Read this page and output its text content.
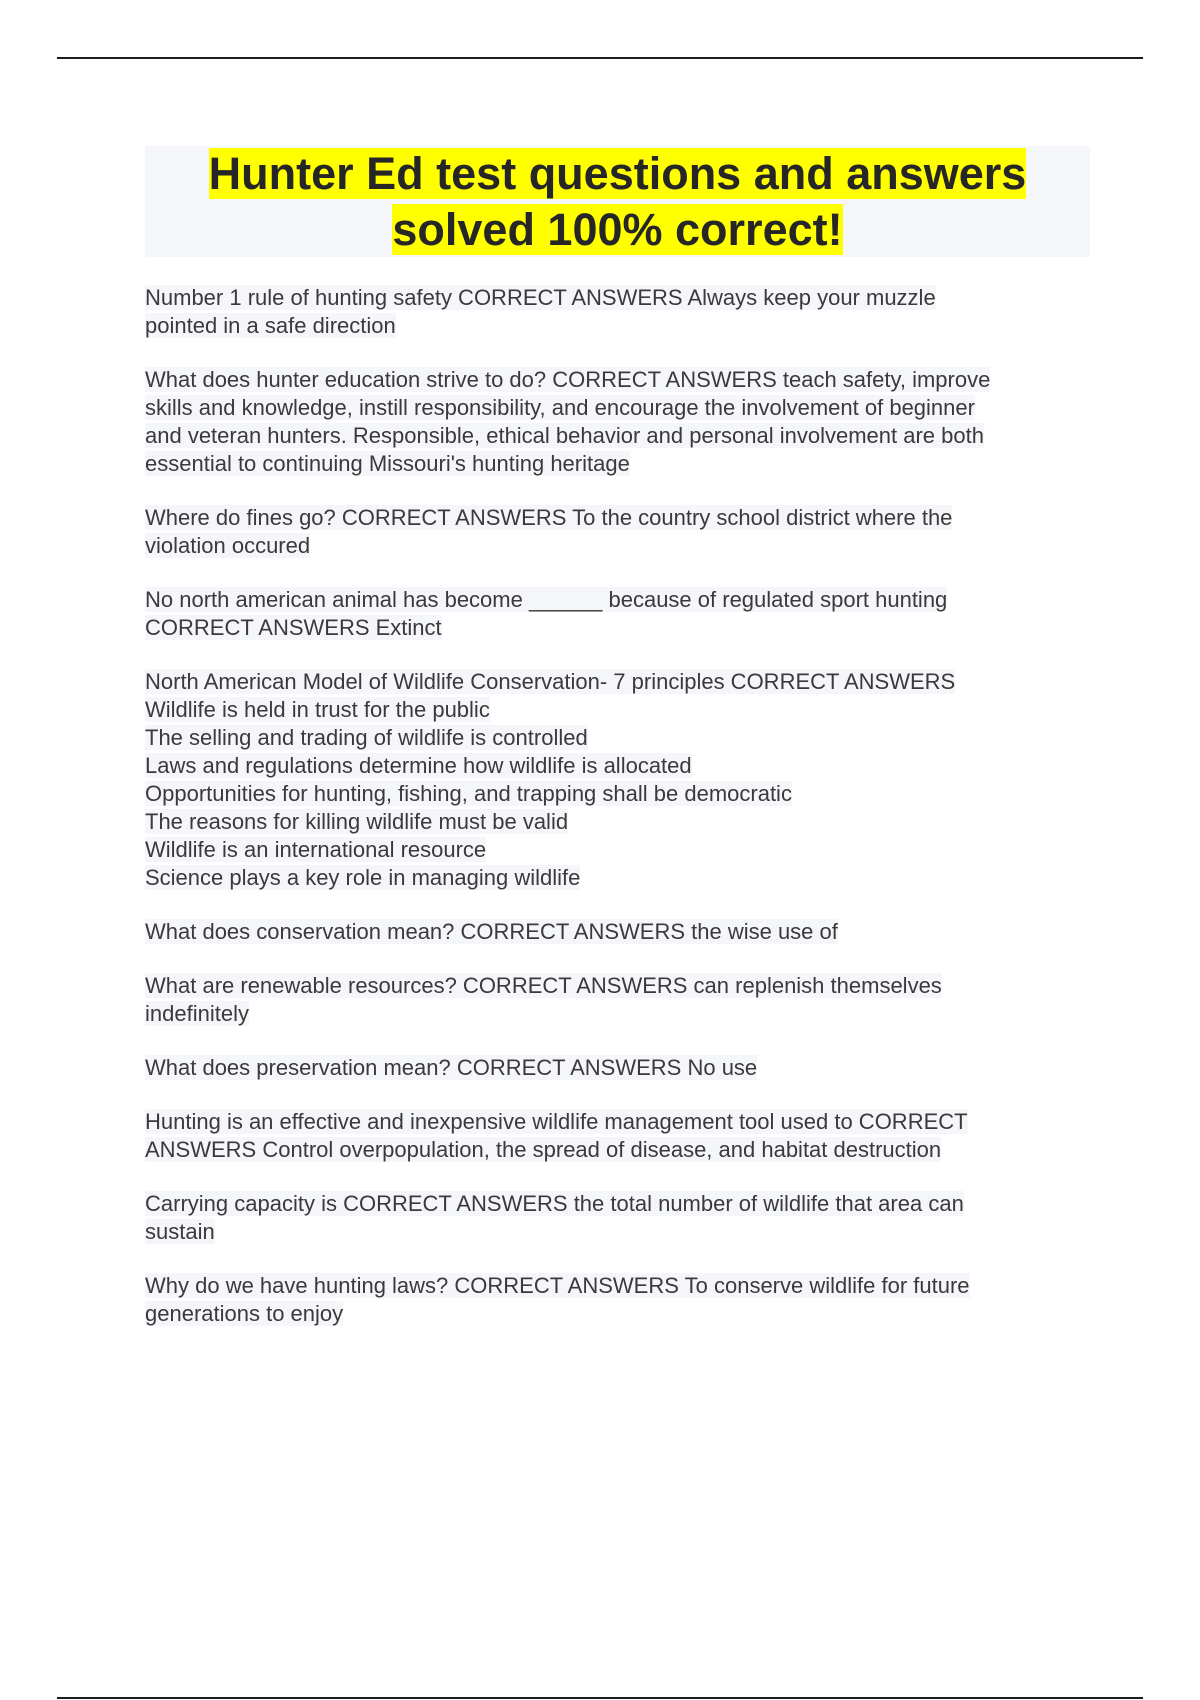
Hunter Ed test questions and answers
solved 100% correct!
Number 1 rule of hunting safety CORRECT ANSWERS Always keep your muzzle
pointed in a safe direction
What does hunter education strive to do? CORRECT ANSWERS teach safety, improve
skills and knowledge, instill responsibility, and encourage the involvement of beginner
and veteran hunters. Responsible, ethical behavior and personal involvement are both
essential to continuing Missouri's hunting heritage
Where do fines go? CORRECT ANSWERS To the country school district where the
violation occured
No north american animal has become ______ because of regulated sport hunting
CORRECT ANSWERS Extinct
North American Model of Wildlife Conservation- 7 principles CORRECT ANSWERS
Wildlife is held in trust for the public
The selling and trading of wildlife is controlled
Laws and regulations determine how wildlife is allocated
Opportunities for hunting, fishing, and trapping shall be democratic
The reasons for killing wildlife must be valid
Wildlife is an international resource
Science plays a key role in managing wildlife
What does conservation mean? CORRECT ANSWERS the wise use of
What are renewable resources? CORRECT ANSWERS can replenish themselves
indefinitely
What does preservation mean? CORRECT ANSWERS No use
Hunting is an effective and inexpensive wildlife management tool used to CORRECT
ANSWERS Control overpopulation, the spread of disease, and habitat destruction
Carrying capacity is CORRECT ANSWERS the total number of wildlife that area can
sustain
Why do we have hunting laws? CORRECT ANSWERS To conserve wildlife for future
generations to enjoy
